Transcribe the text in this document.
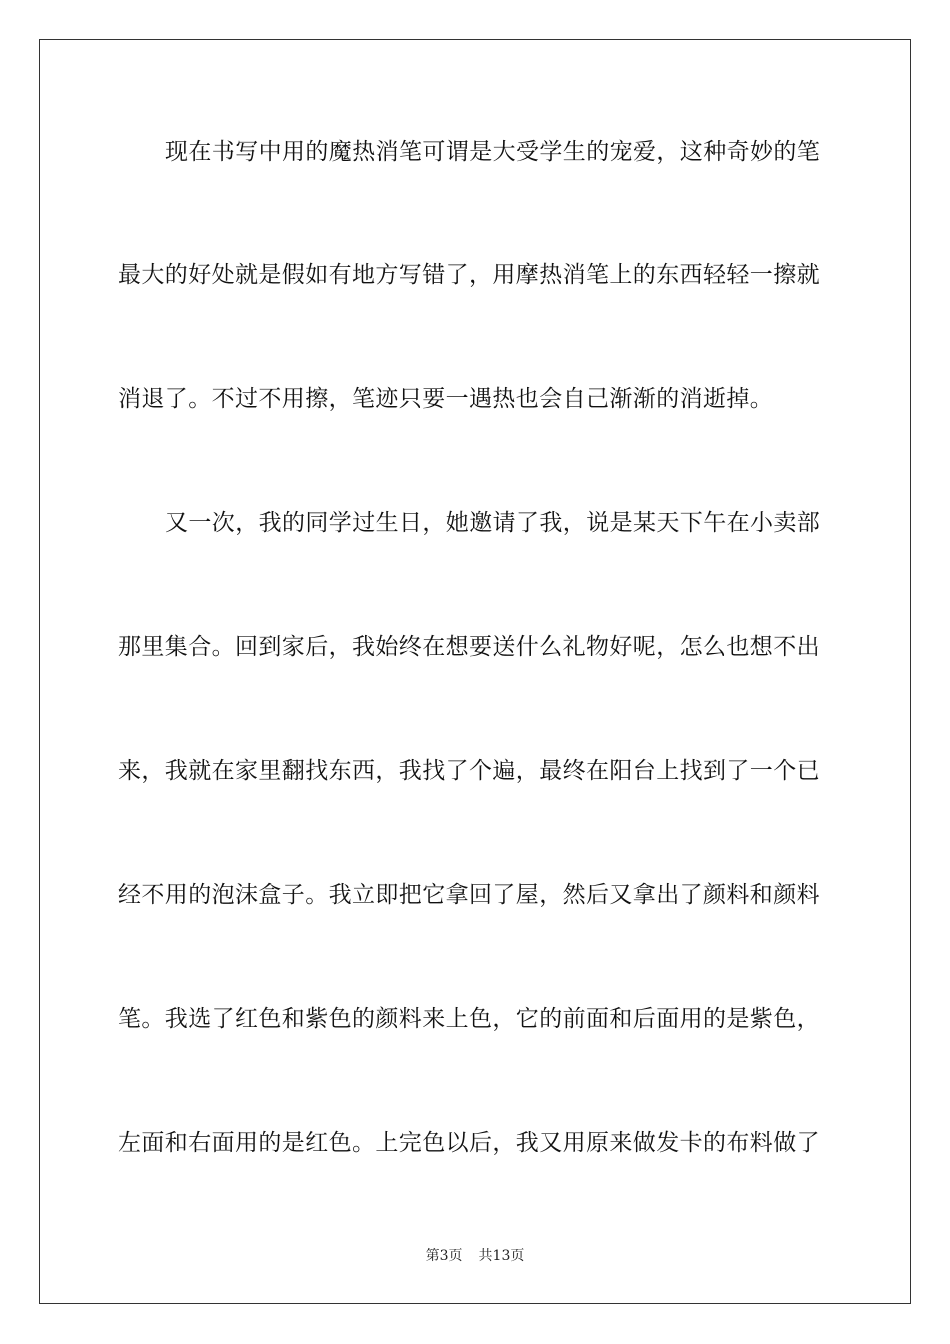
现在书写中用的魔热消笔可谓是大受学生的宠爱，这种奇妙的笔
最大的好处就是假如有地方写错了，用摩热消笔上的东西轻轻一擦就
消退了。不过不用擦，笔迹只要一遇热也会自己渐渐的消逝掉。
又一次，我的同学过生日，她邀请了我，说是某天下午在小卖部
那里集合。回到家后，我始终在想要送什么礼物好呢，怎么也想不出
来，我就在家里翻找东西，我找了个遍，最终在阳台上找到了一个已
经不用的泡沫盒子。我立即把它拿回了屋，然后又拿出了颜料和颜料
笔。我选了红色和紫色的颜料来上色，它的前面和后面用的是紫色，
左面和右面用的是红色。上完色以后，我又用原来做发卡的布料做了
第3页 共13页
